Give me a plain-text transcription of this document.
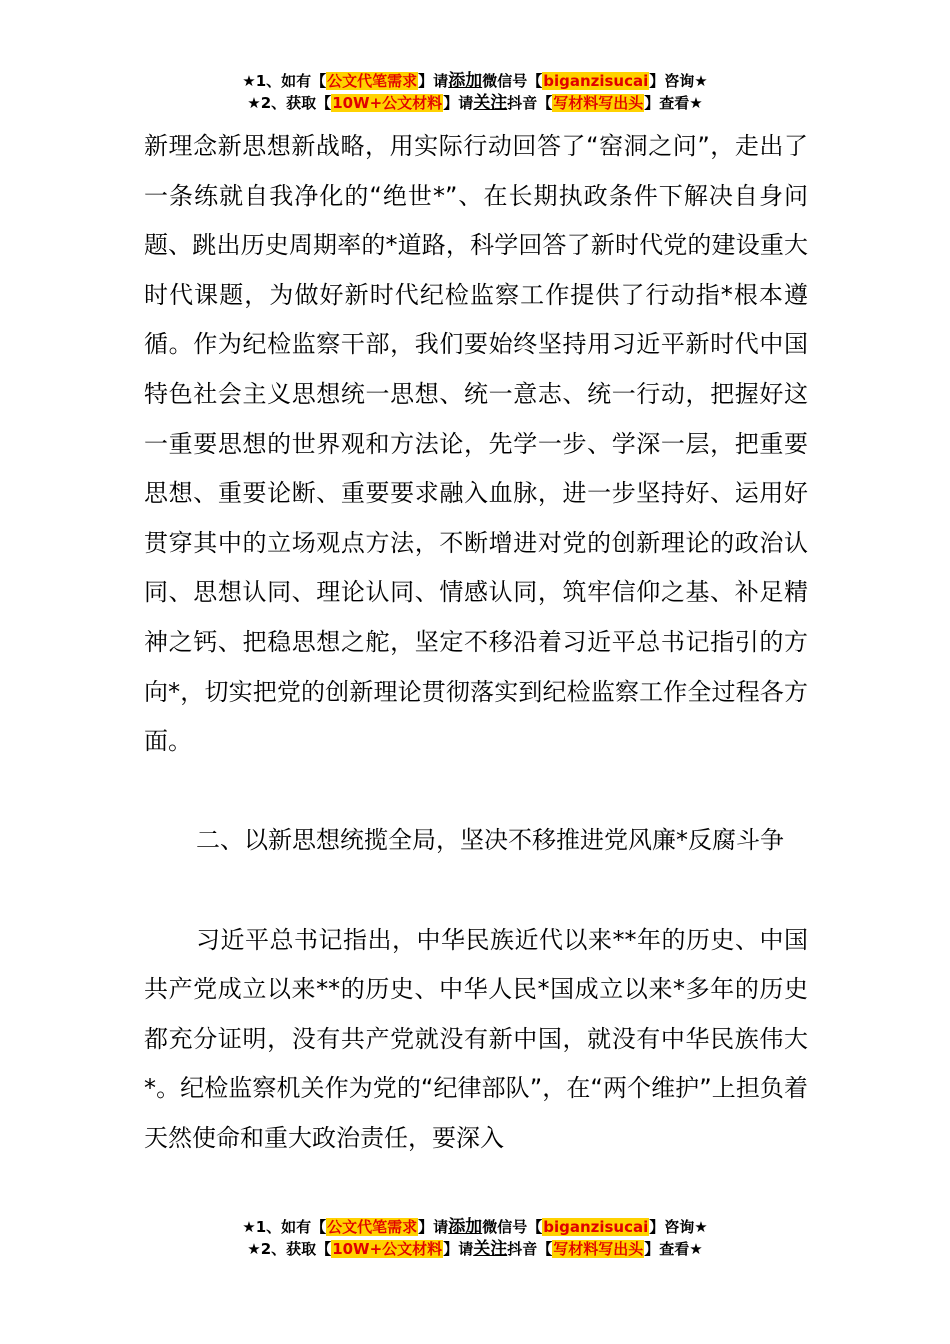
★1、如有【公文代笔需求】请添加微信号【biganzisucai】咨询★
★2、获取【10W+公文材料】请关注抖音【写材料写出头】查看★

新理念新思想新战略，用实际行动回答了“窑洞之问”，走出了一条练就自我净化的“绝世*”、在长期执政条件下解决自身问题、跳出历史周期率的*道路，科学回答了新时代党的建设重大时代课题，为做好新时代纪检监察工作提供了行动指*根本遵循。作为纪检监察干部，我们要始终坚持用习近平新时代中国特色社会主义思想统一思想、统一意志、统一行动，把握好这一重要思想的世界观和方法论，先学一步、学深一层，把重要思想、重要论断、重要要求融入血脉，进一步坚持好、运用好贯穿其中的立场观点方法，不断增进对党的创新理论的政治认同、思想认同、理论认同、情感认同，筑牢信仰之基、补足精神之钙、把稳思想之舵，坚定不移沿着习近平总书记指引的方向*，切实把党的创新理论贯彻落实到纪检监察工作全过程各方面。

二、以新思想统揽全局，坚决不移推进党风廉*反腐斗争

习近平总书记指出，中华民族近代以来**年的历史、中国共产党成立以来**的历史、中华人民*国成立以来*多年的历史都充分证明，没有共产党就没有新中国，就没有中华民族伟大*。纪检监察机关作为党的“纪律部队”，在“两个维护”上担负着天然使命和重大政治责任，要深入

★1、如有【公文代笔需求】请添加微信号【biganzisucai】咨询★
★2、获取【10W+公文材料】请关注抖音【写材料写出头】查看★
